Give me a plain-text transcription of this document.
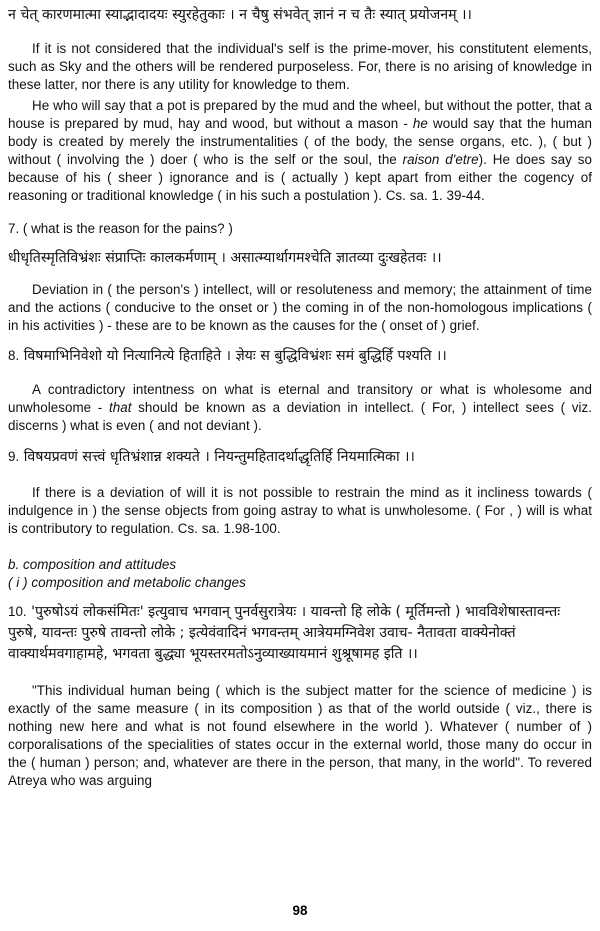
न चेत् कारणमात्मा स्याद्भादादयः स्युरहेतुकाः । न चैषु संभवेत् ज्ञानं न च तैः स्यात् प्रयोजनम् ।।

If it is not considered that the individual's self is the prime-mover, his constitutent elements, such as Sky and the others will be rendered purposeless. For, there is no arising of knowledge in these latter, nor there is any utility for knowledge to them.

He who will say that a pot is prepared by the mud and the wheel, but without the potter, that a house is prepared by mud, hay and wood, but without a mason - he would say that the human body is created by merely the instrumentalities ( of the body, the sense organs, etc. ), ( but ) without ( involving the ) doer ( who is the self or the soul, the raison d'etre). He does say so because of his ( sheer ) ignorance and is ( actually ) kept apart from either the cogency of reasoning or traditional knowledge ( in his such a postulation ). Cs. sa. 1. 39-44.

7. ( what is the reason for the pains? )

धीधृतिस्मृतिविभ्रंशः संप्राप्तिः कालकर्मणाम् । असात्म्यार्थागमश्चेति ज्ञातव्या दुःखहेतवः ।।

Deviation in ( the person's ) intellect, will or resoluteness and memory; the attainment of time and the actions ( conducive to the onset or ) the coming in of the non-homologous implications ( in his activities ) - these are to be known as the causes for the ( onset of ) grief.

8. विषमाभिनिवेशो यो नित्यानित्ये हिताहिते । ज्ञेयः स बुद्धिविभ्रंशः समं बुद्धिर्हि पश्यति ।।

A contradictory intentness on what is eternal and transitory or what is wholesome and unwholesome - that should be known as a deviation in intellect. ( For, ) intellect sees ( viz. discerns ) what is even ( and not deviant ).

9. विषयप्रवणं सत्त्वं धृतिभ्रंशान्न शक्यते । नियन्तुमहितादर्थाद्धृतिर्हि नियमात्मिका ।।

If there is a deviation of will it is not possible to restrain the mind as it incliness towards ( indulgence in ) the sense objects from going astray to what is unwholesome. ( For , ) will is what is contributory to regulation. Cs. sa. 1.98-100.

b. composition and attitudes

( i ) composition and metabolic changes

10. 'पुरुषोऽयं लोकसंमितः' इत्युवाच भगवान् पुनर्वसुरात्रेयः । यावन्तो हि लोके ( मूर्तिमन्तो ) भावविशेषास्तावन्तः

पुरुषे, यावन्तः पुरुषे तावन्तो लोके ; इत्येवंवादिनं भगवन्तम् आत्रेयमग्निवेश उवाच- नैतावता वाक्येनोक्तं

वाक्यार्थमवगाहामहे, भगवता बुद्ध्या भूयस्तरमतोऽनुव्याख्यायमानं शुश्रूषामह इति ।।

"This individual human being ( which is the subject matter for the science of medicine ) is exactly of the same measure ( in its composition ) as that of the world outside ( viz., there is nothing new here and what is not found elsewhere in the world ). Whatever ( number of ) corporalisations of the specialities of states occur in the external world, those many do occur in the ( human ) person; and, whatever are there in the person, that many, in the world". To revered Atreya who was arguing

98
